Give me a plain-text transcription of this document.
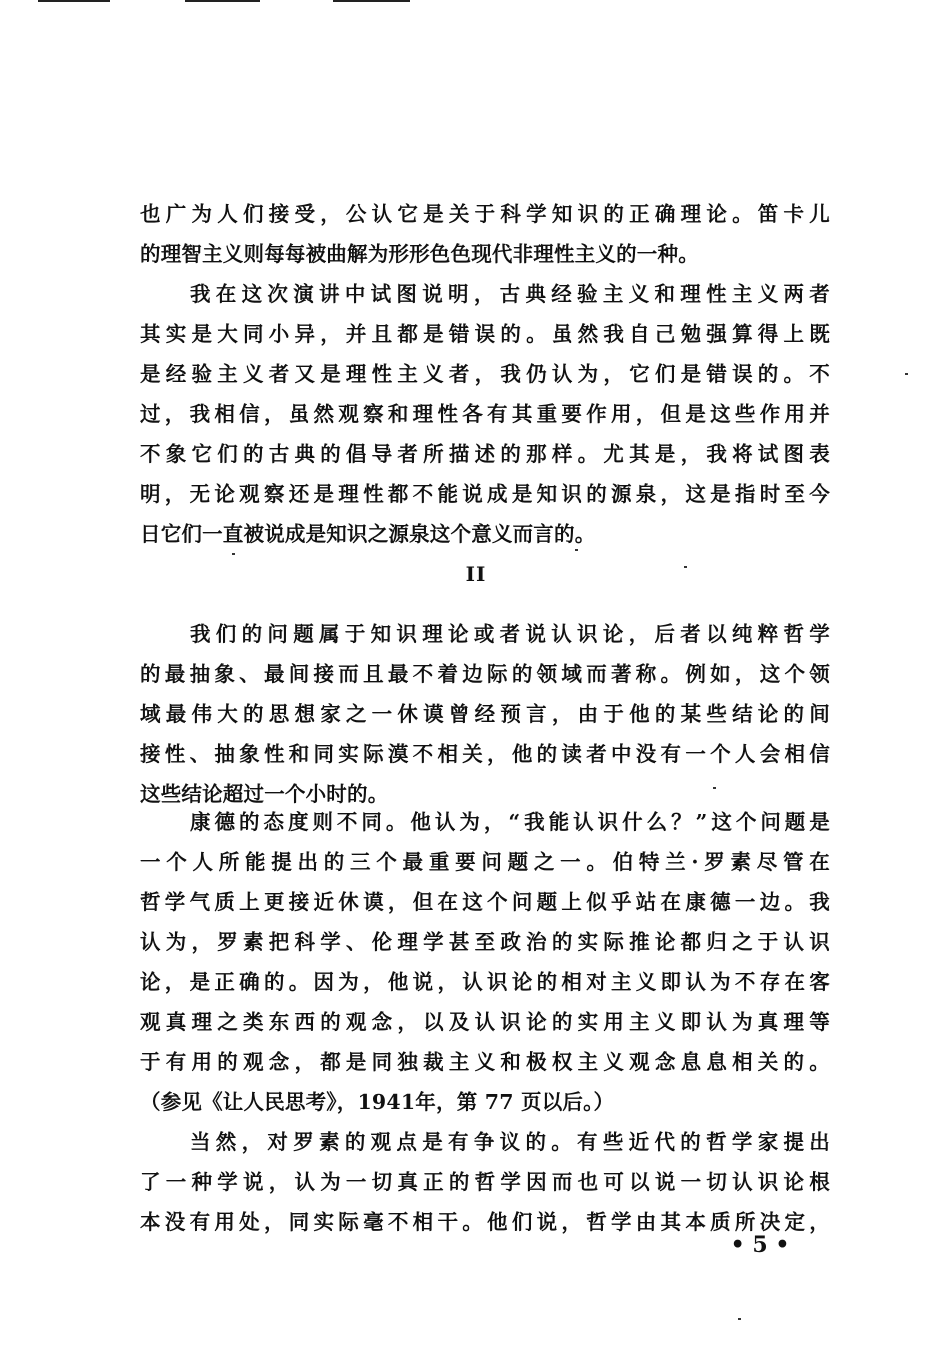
也广为人们接受，公认它是关于科学知识的正确理论。笛卡儿
的理智主义则每每被曲解为形形色色现代非理性主义的一种。
我在这次演讲中试图说明，古典经验主义和理性主义两者
其实是大同小异，并且都是错误的。虽然我自己勉强算得上既
是经验主义者又是理性主义者，我仍认为，它们是错误的。不
过，我相信，虽然观察和理性各有其重要作用，但是这些作用并
不象它们的古典的倡导者所描述的那样。尤其是，我将试图表
明，无论观察还是理性都不能说成是知识的源泉，这是指时至今
日它们一直被说成是知识之源泉这个意义而言的。
II
我们的问题属于知识理论或者说认识论，后者以纯粹哲学
的最抽象、最间接而且最不着边际的领域而著称。例如，这个领
域最伟大的思想家之一休谟曾经预言，由于他的某些结论的间
接性、抽象性和同实际漠不相关，他的读者中没有一个人会相信
这些结论超过一个小时的。
康德的态度则不同。他认为，“我能认识什么？”这个问题是
一个人所能提出的三个最重要问题之一。伯特兰·罗素尽管在
哲学气质上更接近休谟，但在这个问题上似乎站在康德一边。我
认为，罗素把科学、伦理学甚至政治的实际推论都归之于认识
论，是正确的。因为，他说，认识论的相对主义即认为不存在客
观真理之类东西的观念，以及认识论的实用主义即认为真理等
于有用的观念，都是同独裁主义和极权主义观念息息相关的。
（参见《让人民思考》，1941年，第 77 页以后。）
当然，对罗素的观点是有争议的。有些近代的哲学家提出
了一种学说，认为一切真正的哲学因而也可以说一切认识论根
本没有用处，同实际毫不相干。他们说，哲学由其本质所决定，
• 5 •
